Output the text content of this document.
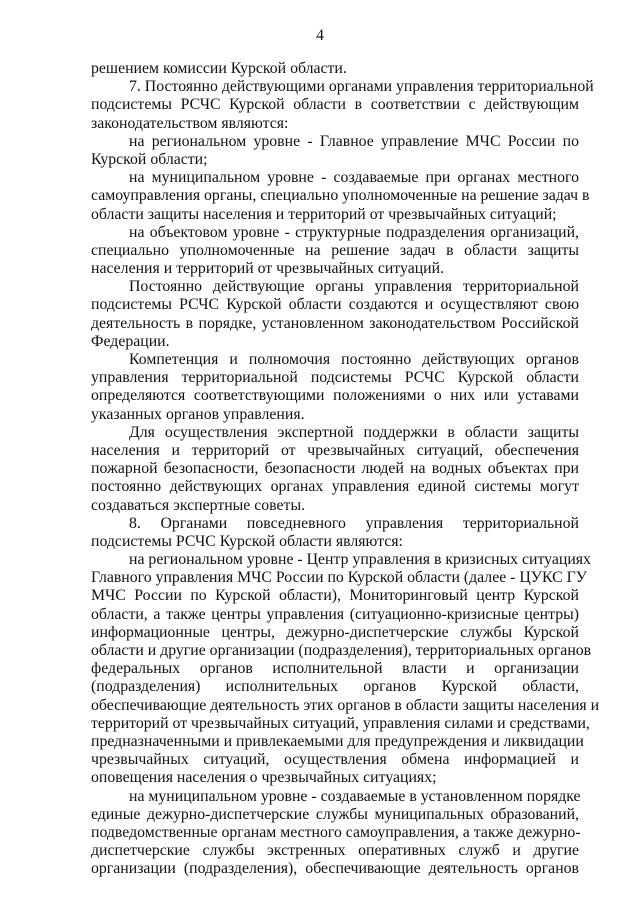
4
решением комиссии Курской области.
7. Постоянно действующими органами управления территориальной
подсистемы РСЧС Курской области в соответствии с действующим
законодательством являются:
на региональном уровне - Главное управление МЧС России по
Курской области;
на муниципальном уровне - создаваемые при органах местного
самоуправления органы, специально уполномоченные на решение задач в
области защиты населения и территорий от чрезвычайных ситуаций;
на объектовом уровне - структурные подразделения организаций,
специально уполномоченные на решение задач в области защиты
населения и территорий от чрезвычайных ситуаций.
Постоянно действующие органы управления территориальной
подсистемы РСЧС Курской области создаются и осуществляют свою
деятельность в порядке, установленном законодательством Российской
Федерации.
Компетенция и полномочия постоянно действующих органов
управления территориальной подсистемы РСЧС Курской области
определяются соответствующими положениями о них или уставами
указанных органов управления.
Для осуществления экспертной поддержки в области защиты
населения и территорий от чрезвычайных ситуаций, обеспечения
пожарной безопасности, безопасности людей на водных объектах при
постоянно действующих органах управления единой системы могут
создаваться экспертные советы.
8. Органами повседневного управления территориальной
подсистемы РСЧС Курской области являются:
на региональном уровне - Центр управления в кризисных ситуациях
Главного управления МЧС России по Курской области (далее - ЦУКС ГУ
МЧС России по Курской области), Мониторинговый центр Курской
области, а также центры управления (ситуационно-кризисные центры)
информационные центры, дежурно-диспетчерские службы Курской
области и другие организации (подразделения), территориальных органов
федеральных органов исполнительной власти и организации
(подразделения) исполнительных органов Курской области,
обеспечивающие деятельность этих органов в области защиты населения и
территорий от чрезвычайных ситуаций, управления силами и средствами,
предназначенными и привлекаемыми для предупреждения и ликвидации
чрезвычайных ситуаций, осуществления обмена информацией и
оповещения населения о чрезвычайных ситуациях;
на муниципальном уровне - создаваемые в установленном порядке
единые дежурно-диспетчерские службы муниципальных образований,
подведомственные органам местного самоуправления, а также дежурно-
диспетчерские службы экстренных оперативных служб и другие
организации (подразделения), обеспечивающие деятельность органов
